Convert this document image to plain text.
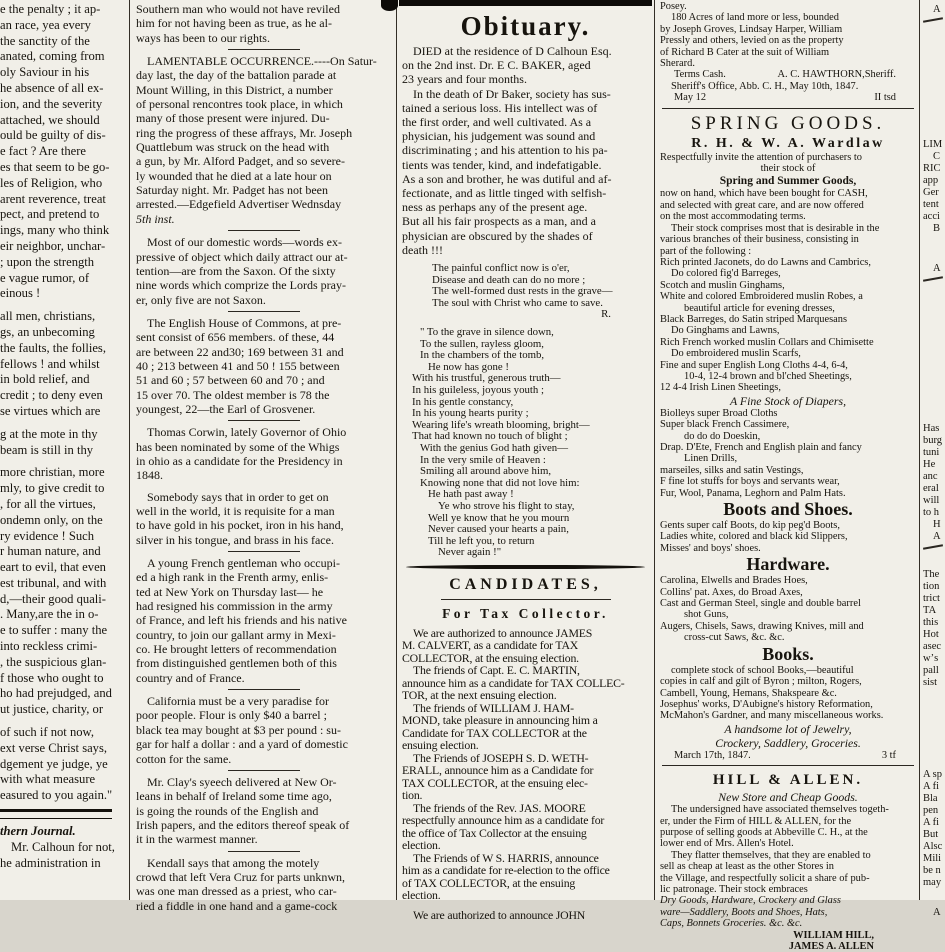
e the penalty ; it ap-
an race, yea every
the sanctity of the
anated, coming from
oly Saviour in his
he absence of all ex-
ion, and the severity
attached, we should
ould be guilty of dis-
e fact ? Are there
es that seem to be go-
les of Religion, who
arent reverence, treat
pect, and pretend to
ings, many who think
eir neighbor, unchar-
; upon the strength
e vague rumor, of
einous !
all men, christians,
gs, an unbecoming
the faults, the follies,
fellows ! and whilst
in bold relief, and
credit ; to deny even
se virtues which are
g at the mote in thy
beam is still in thy
more christian, more
mly, to give credit to
, for all the virtues,
ondemn only, on the
ry evidence ! Such
r human nature, and
eart to evil, that even
est tribunal, and with
d,—their good quali-
. Many,are the in o-
e to suffer : many the
into reckless crimi-
, the suspicious glan-
f those who ought to
ho had prejudged, and
ut justice, charity, or
of such if not now,
ext verse Christ says,
dgement ye judge, ye
with what measure
easured to you again."
thern Journal.
Mr. Calhoun for not,
he administration in
Southern man who would not have reviled
him for not having been as true, as he al-
ways has been to our rights.
LAMENTABLE OCCURRENCE.----On Satur-
day last, the day of the battalion parade at
Mount Willing, in this District, a number
of personal rencontres took place, in which
many of those present were injured. Du-
ring the progress of these affrays, Mr. Joseph
Quattlebum was struck on the head with
a gun, by Mr. Alford Padget, and so severe-
ly wounded that he died at a late hour on
Saturday night. Mr. Padget has not been
arrested.—Edgefield Advertiser Wednsday
5th inst.
Most of our domestic words—words ex-
pressive of object which daily attract our at-
tention—are from the Saxon. Of the sixty
nine words which comprize the Lords pray-
er, only five are not Saxon.
The English House of Commons, at pre-
sent consist of 656 members. of these, 44
are between 22 and30; 169 between 31 and
40 ; 213 between 41 and 50 ! 155 between
51 and 60 ; 57 between 60 and 70 ; and
15 over 70. The oldest member is 78 the
youngest, 22—the Earl of Grosvener.
Thomas Corwin, lately Governor of Ohio
has been nominated by some of the Whigs
in ohio as a candidate for the Presidency in
1848.
Somebody says that in order to get on
well in the world, it is requisite for a man
to have gold in his pocket, iron in his hand,
silver in his tongue, and brass in his face.
A young French gentleman who occupi-
ed a high rank in the Frenth army, enlis-
ted at New York on Thursday last— he
had resigned his commission in the army
of France, and left his friends and his native
country, to join our gallant army in Mexi-
co. He brought letters of recommendation
from distinguished gentlemen both of this
country and of France.
California must be a very paradise for
poor people. Flour is only $40 a barrel ;
black tea may bought at $3 per pound : su-
gar for half a dollar : and a yard of domestic
cotton for the same.
Mr. Clay's syeech delivered at New Or-
leans in behalf of Ireland some time ago,
is going the rounds of the English and
Irish papers, and the editors thereof speak of
it in the warmest manner.
Kendall says that among the motely
crowd that left Vera Cruz for parts unknwn,
was one man dressed as a priest, who car-
ried a fiddle in one hand and a game-cock
Obituary.
DIED at the residence of D Calhoun Esq.
on the 2nd inst. Dr. E C. BAKER, aged
23 years and four months.
In the death of Dr Baker, society has sus-
tained a serious loss. His intellect was of
the first order, and well cultivated. As a
physician, his judgement was sound and
discriminating ; and his attention to his pa-
tients was tender, kind, and indefatigable.
As a son and brother, he was dutiful and af-
fectionate, and as little tinged with selfish-
ness as perhaps any of the present age.
But all his fair prospects as a man, and a
physician are obscured by the shades of
death !!!
The painful conflict now is o'er,
Disease and death can do no more ;
The well-formed dust rests in the grave—
The soul with Christ who came to save.
R.
" To the grave in silence down,
To the sullen, rayless gloom,
In the chambers of the tomb,
He now has gone !
With his trustful, generous truth—
In his guileless, joyous youth ;
In his gentle constancy,
In his young hearts purity ;
Wearing life's wreath blooming, bright—
That had known no touch of blight ;
With the genius God hath given—
In the very smile of Heaven :
Smiling all around above him,
Knowing none that did not love him:
He hath past away !
Ye who strove his flight to stay,
Well ye know that he you mourn
Never caused your hearts a pain,
Till he left you, to return
Never again !"
CANDIDATES,
For Tax Collector.
We are authorized to announce JAMES
M. CALVERT, as a candidate for TAX
COLLECTOR, at the ensuing election.
The friends of Capt. E. C. MARTIN,
announce him as a candidate for TAX COLLEC-
TOR, at the next ensuing election.
The friends of WILLIAM J. HAM-
MOND, take pleasure in announcing him a
Candidate for TAX COLLECTOR at the
ensuing election.
The Friends of JOSEPH S. D. WETH-
ERALL, announce him as a Candidate for
TAX COLLECTOR, at the ensuing elec-
tion.
The friends of the Rev. JAS. MOORE
respectfully announce him as a candidate for
the office of Tax Collector at the ensuing
election.
The Friends of W S. HARRIS, announce
him as a candidate for re-election to the office
of TAX COLLECTOR, at the ensuing
election.
We are authorized to announce JOHN
Posey.
180 Acres of land more or less, bounded
by Joseph Groves, Lindsay Harper, William
Pressly and others, levied on as the property
of Richard B Cater at the suit of William
Sherard.
Terms Cash.	A. C. HAWTHORN,Sheriff.
Sheriff's Office, Abb. C. H., May 10th, 1847.
May 12	II tsd
SPRING GOODS.
R. H. & W. A. Wardlaw
Respectfully invite the attention of purchasers to
their stock of
Spring and Summer Goods,
now on hand, which have been bought for CASH,
and selected with great care, and are now offered
on the most accommodating terms.
Their stock comprises most that is desirable in the
various branches of their business, consisting in
part of the following :
Rich printed Jaconets, do do Lawns and Cambrics,
Do colored fig'd Barreges,
Scotch and muslin Ginghams,
White and colored Embroidered muslin Robes, a
beautiful article for evening dresses,
Black Barreges, do Satin striped Marquesans
Do Ginghams and Lawns,
Rich French worked muslin Collars and Chimisette
Do embroidered muslin Scarfs,
Fine and super English Long Cloths 4-4, 6-4,
10-4, 12-4 brown and bl'ched Sheetings,
12 4-4 Irish Linen Sheetings,
A Fine Stock of Diapers,
Biolleys super Broad Cloths
Super black French Cassimere,
do do do Doeskin,
Drap. D'Ete, French and English plain and fancy
Linen Drills,
marseiles, silks and satin Vestings,
F fine lot stuffs for boys and servants wear,
Fur, Wool, Panama, Leghorn and Palm Hats.
Boots and Shoes.
Gents super calf Boots, do kip peg'd Boots,
Ladies white, colored and black kid Slippers,
Misses' and boys' shoes.
Hardware.
Carolina, Elwells and Brades Hoes,
Collins' pat. Axes, do Broad Axes,
Cast and German Steel, single and double barrel
shot Guns,
Augers, Chisels, Saws, drawing Knives, mill and
cross-cut Saws, &c. &c.
Books.
complete stock of school Books,—beautiful
copies in calf and gilt of Byron ; milton, Rogers,
Cambell, Young, Hemans, Shakspeare &c.
Josephus' works, D'Aubigne's history Reformation,
McMahon's Gardner, and many miscellaneous works.
A handsome lot of Jewelry,
Crockery, Saddlery, Groceries.
March 17th, 1847.	3 tf
HILL & ALLEN.
New Store and Cheap Goods.
The undersigned have associated themselves togeth-
er, under the Firm of HILL & ALLEN, for the
purpose of selling goods at Abbeville C. H., at the
lower end of Mrs. Allen's Hotel.
They flatter themselves, that they are enabled to
sell as cheap at least as the other Stores in
the Village, and respectfully solicit a share of pub-
lic patronage. Their stock embraces
Dry Goods, Hardware, Crockery and Glass
ware—Saddlery, Boots and Shoes, Hats,
Caps, Bonnets Groceries. &c. &c.
WILLIAM HILL,
JAMES A. ALLEN
A
LIM
C
RIC
app
Ger
tent
acci
B
A
Has
burg
tuni
He
anc
eral
will
to h
H
A
The
tion
trict
TA
this
Hot
asec
wʼs
pall
sist
A sp
A fi
Bla
pen
A fi
But
Alsc
Mili
be n
may
A
